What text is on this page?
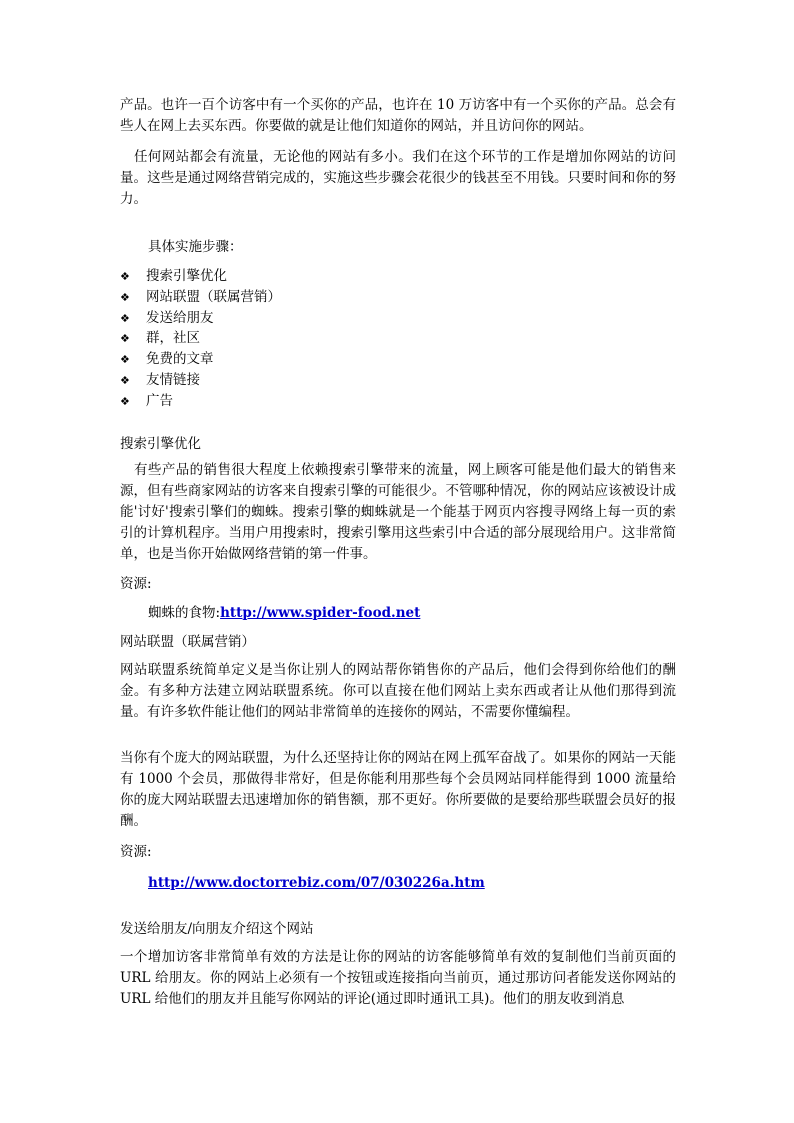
产品。也许一百个访客中有一个买你的产品，也许在 10 万访客中有一个买你的产品。总会有些人在网上去买东西。你要做的就是让他们知道你的网站，并且访问你的网站。

任何网站都会有流量，无论他的网站有多小。我们在这个环节的工作是增加你网站的访问量。这些是通过网络营销完成的，实施这些步骤会花很少的钱甚至不用钱。只要时间和你的努力。

具体实施步骤：

❖ 搜索引擎优化
❖ 网站联盟（联属营销）
❖ 发送给朋友
❖ 群，社区
❖ 免费的文章
❖ 友情链接
❖ 广告

搜索引擎优化

有些产品的销售很大程度上依赖搜索引擎带来的流量，网上顾客可能是他们最大的销售来源，但有些商家网站的访客来自搜索引擎的可能很少。不管哪种情况，你的网站应该被设计成能'讨好'搜索引擎们的蜘蛛。搜索引擎的蜘蛛就是一个能基于网页内容搜寻网络上每一页的索引的计算机程序。当用户用搜索时，搜索引擎用这些索引中合适的部分展现给用户。这非常简单，也是当你开始做网络营销的第一件事。

资源:

蜘蛛的食物:http://www.spider-food.net

网站联盟（联属营销）

网站联盟系统简单定义是当你让别人的网站帮你销售你的产品后，他们会得到你给他们的酬金。有多种方法建立网站联盟系统。你可以直接在他们网站上卖东西或者让从他们那得到流量。有许多软件能让他们的网站非常简单的连接你的网站，不需要你懂编程。

当你有个庞大的网站联盟，为什么还坚持让你的网站在网上孤军奋战了。如果你的网站一天能有 1000 个会员，那做得非常好，但是你能利用那些每个会员网站同样能得到 1000 流量给你的庞大网站联盟去迅速增加你的销售额，那不更好。你所要做的是要给那些联盟会员好的报酬。

资源:

http://www.doctorrebiz.com/07/030226a.htm

发送给朋友/向朋友介绍这个网站

一个增加访客非常简单有效的方法是让你的网站的访客能够简单有效的复制他们当前页面的 URL 给朋友。你的网站上必须有一个按钮或连接指向当前页，通过那访问者能发送你网站的 URL 给他们的朋友并且能写你网站的评论(通过即时通讯工具)。他们的朋友收到消息
